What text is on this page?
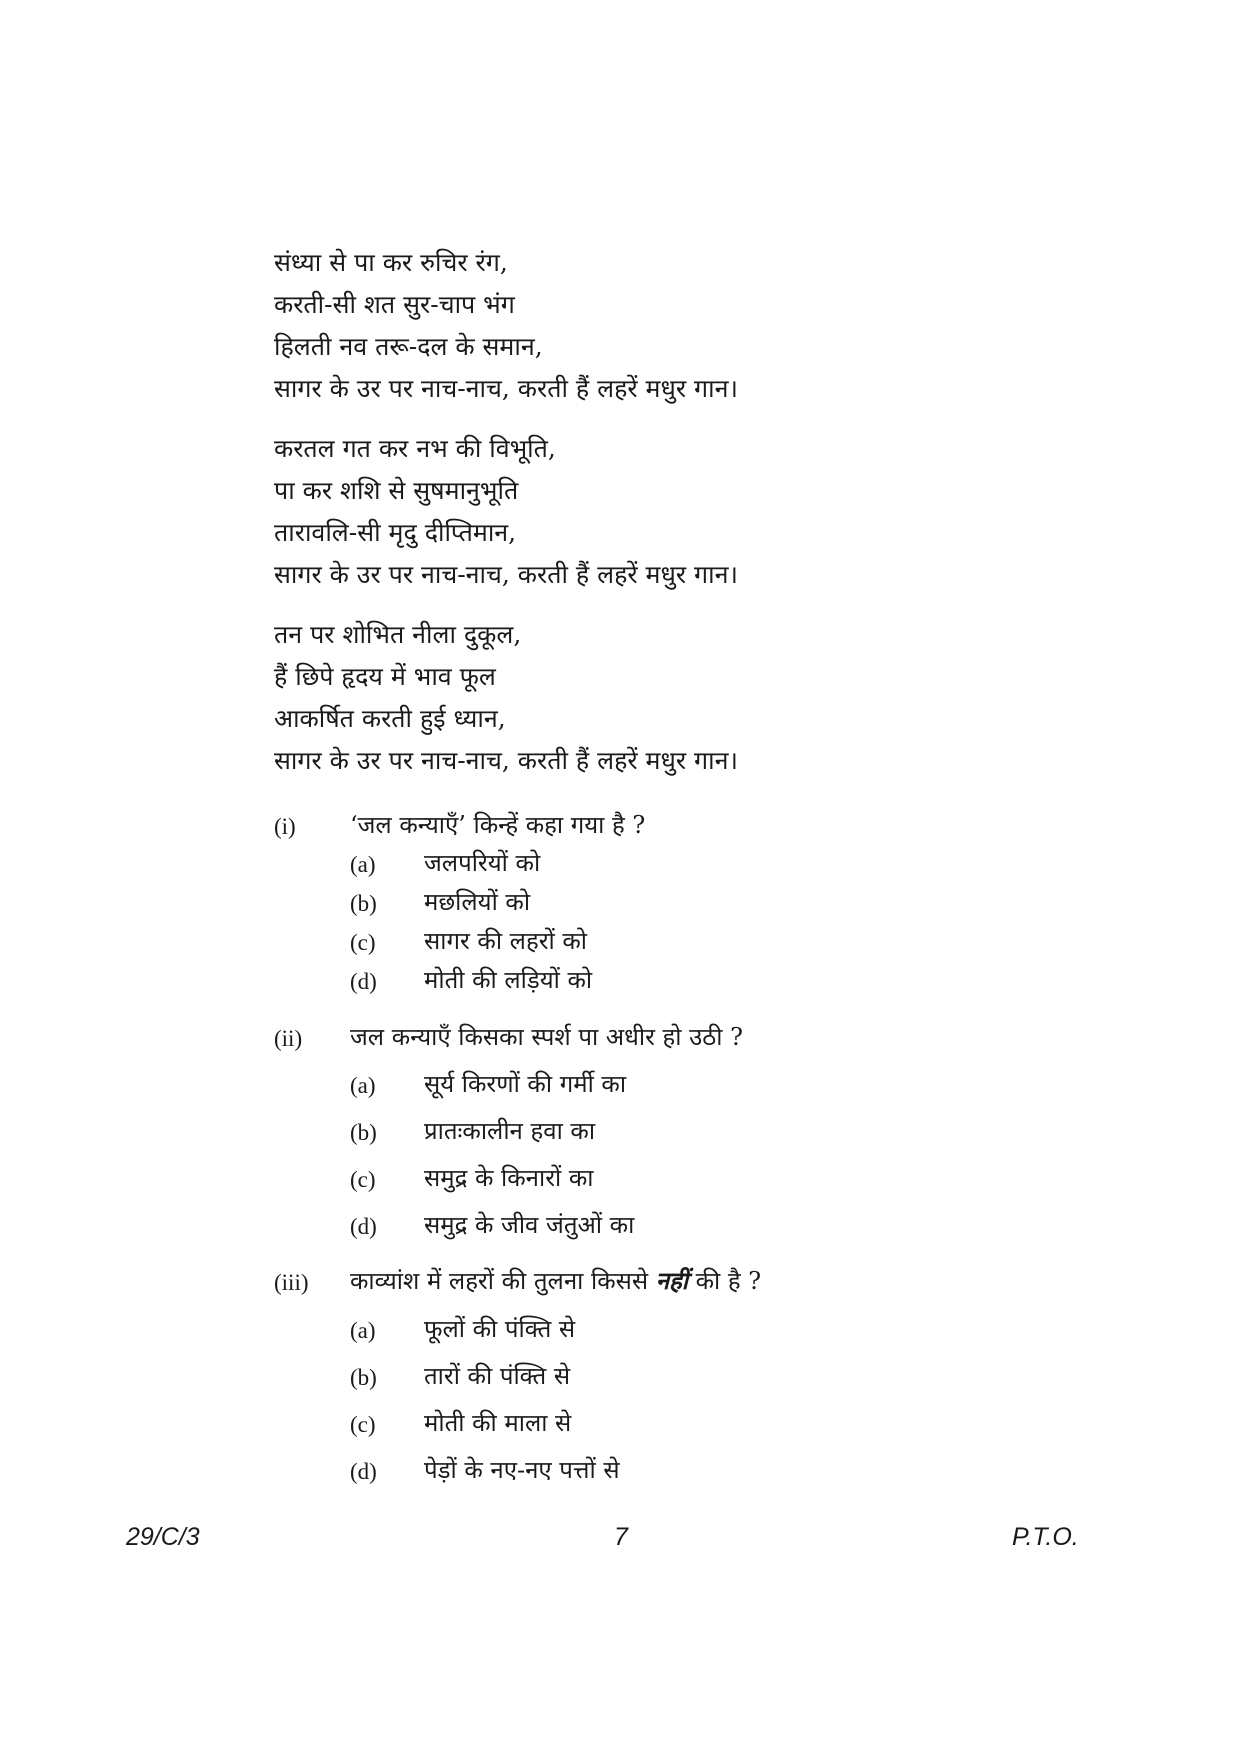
संध्या से पा कर रुचिर रंग,
करती-सी शत सुर-चाप भंग
हिलती नव तरू-दल के समान,
सागर के उर पर नाच-नाच, करती हैं लहरें मधुर गान।
करतल गत कर नभ की विभूति,
पा कर शशि से सुषमानुभूति
तारावलि-सी मृदु दीप्तिमान,
सागर के उर पर नाच-नाच, करती हैं लहरें मधुर गान।
तन पर शोभित नीला दुकूल,
हैं छिपे हृदय में भाव फूल
आकर्षित करती हुई ध्यान,
सागर के उर पर नाच-नाच, करती हैं लहरें मधुर गान।
(i) ‘जल कन्याएँ’ किन्हें कहा गया है ?
(a) जलपरियों को
(b) मछलियों को
(c) सागर की लहरों को
(d) मोती की लड़ियों को
(ii) जल कन्याएँ किसका स्पर्श पा अधीर हो उठी ?
(a) सूर्य किरणों की गर्मी का
(b) प्रातःकालीन हवा का
(c) समुद्र के किनारों का
(d) समुद्र के जीव जंतुओं का
(iii) काव्यांश में लहरों की तुलना किससे नहीं की है ?
(a) फूलों की पंक्ति से
(b) तारों की पंक्ति से
(c) मोती की माला से
(d) पेड़ों के नए-नए पत्तों से
29/C/3	7	P.T.O.
